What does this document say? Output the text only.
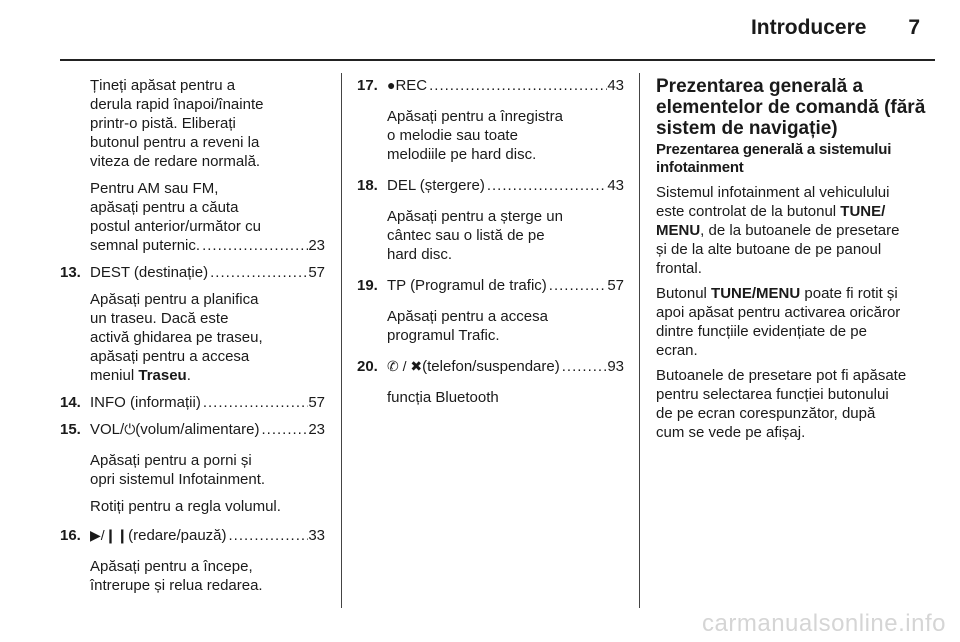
Introducere 7
Țineți apăsat pentru a
derula rapid înapoi/înainte
printr-o pistă. Eliberați
butonul pentru a reveni la
viteza de redare normală.
Pentru AM sau FM,
apăsați pentru a căuta
postul anterior/următor cu
semnal puternic. .....	23
13. DEST (destinație) .....	57
Apăsați pentru a planifica
un traseu. Dacă este
activă ghidarea pe traseu,
apăsați pentru a accesa
meniul Traseu.
14. INFO (informații) .....	57
15. VOL/ ⏻ (volum/alimentare) .....	23
Apăsați pentru a porni și
opri sistemul Infotainment.
Rotiți pentru a regla volumul.
16. ▶/❙❙ (redare/pauză) .....	33
Apăsați pentru a începe,
întrerupe și relua redarea.
17. ● REC .....	43
Apăsați pentru a înregistra
o melodie sau toate
melodiile pe hard disc.
18. DEL (ștergere) .....	43
Apăsați pentru a șterge un
cântec sau o listă de pe
hard disc.
19. TP (Programul de trafic) .....	57
Apăsați pentru a accesa
programul Trafic.
20. ✆ / ✖ (telefon/suspendare) .....	93
funcția Bluetooth
Prezentarea generală a
elementelor de comandă (fără
sistem de navigație)
Prezentarea generală a sistemului
infotainment
Sistemul infotainment al vehiculului
este controlat de la butonul TUNE/
MENU, de la butoanele de presetare
și de la alte butoane de pe panoul
frontal.
Butonul TUNE/MENU poate fi rotit și
apoi apăsat pentru activarea oricăror
dintre funcțiile evidențiate de pe
ecran.
Butoanele de presetare pot fi apăsate
pentru selectarea funcției butonului
de pe ecran corespunzător, după
cum se vede pe afișaj.
carmanualsonline.info
